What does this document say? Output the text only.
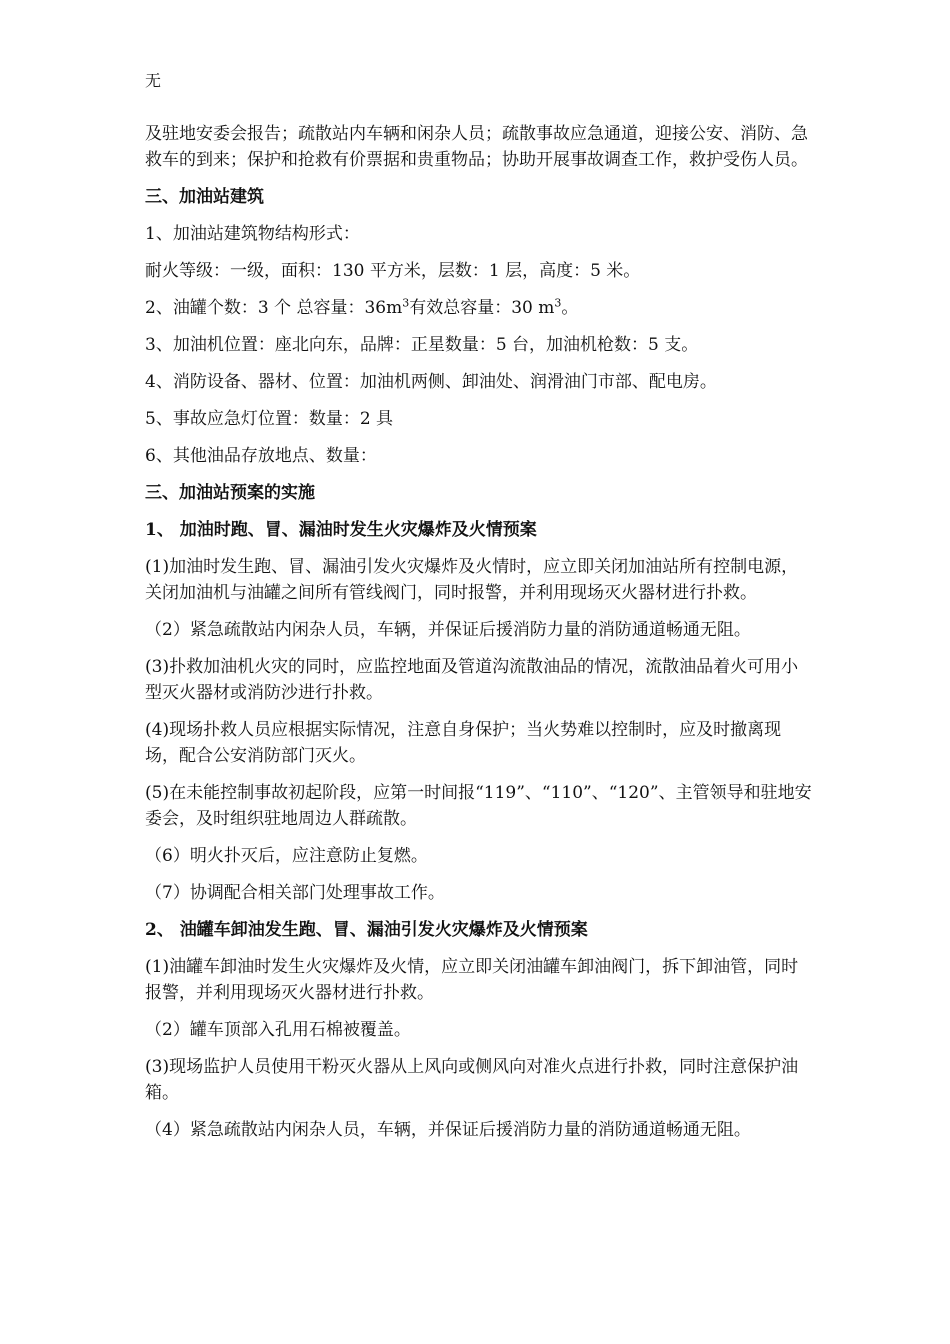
无

及驻地安委会报告；疏散站内车辆和闲杂人员；疏散事故应急通道，迎接公安、消防、急救车的到来；保护和抢救有价票据和贵重物品；协助开展事故调查工作，救护受伤人员。

三、加油站建筑

1、加油站建筑物结构形式：

耐火等级：一级，面积：130 平方米，层数：1 层，高度：5 米。

2、油罐个数：3 个 总容量：$36m^3$有效总容量：30 $m^3$。

3、加油机位置：座北向东，品牌：正星数量：5 台，加油机枪数：5 支。

4、消防设备、器材、位置：加油机两侧、卸油处、润滑油门市部、配电房。

5、事故应急灯位置：数量：2 具

6、其他油品存放地点、数量：

三、加油站预案的实施

1、 加油时跑、冒、漏油时发生火灾爆炸及火情预案

(1)加油时发生跑、冒、漏油引发火灾爆炸及火情时，应立即关闭加油站所有控制电源，关闭加油机与油罐之间所有管线阀门，同时报警，并利用现场灭火器材进行扑救。

（2）紧急疏散站内闲杂人员，车辆，并保证后援消防力量的消防通道畅通无阻。

(3)扑救加油机火灾的同时，应监控地面及管道沟流散油品的情况，流散油品着火可用小型灭火器材或消防沙进行扑救。

(4)现场扑救人员应根据实际情况，注意自身保护；当火势难以控制时，应及时撤离现场，配合公安消防部门灭火。

(5)在未能控制事故初起阶段，应第一时间报“119”、“110”、“120”、主管领导和驻地安委会，及时组织驻地周边人群疏散。

（6）明火扑灭后，应注意防止复燃。

（7）协调配合相关部门处理事故工作。

2、 油罐车卸油发生跑、冒、漏油引发火灾爆炸及火情预案

(1)油罐车卸油时发生火灾爆炸及火情，应立即关闭油罐车卸油阀门，拆下卸油管，同时报警，并利用现场灭火器材进行扑救。

（2）罐车顶部入孔用石棉被覆盖。

(3)现场监护人员使用干粉灭火器从上风向或侧风向对准火点进行扑救，同时注意保护油箱。

（4）紧急疏散站内闲杂人员，车辆，并保证后援消防力量的消防通道畅通无阻。
